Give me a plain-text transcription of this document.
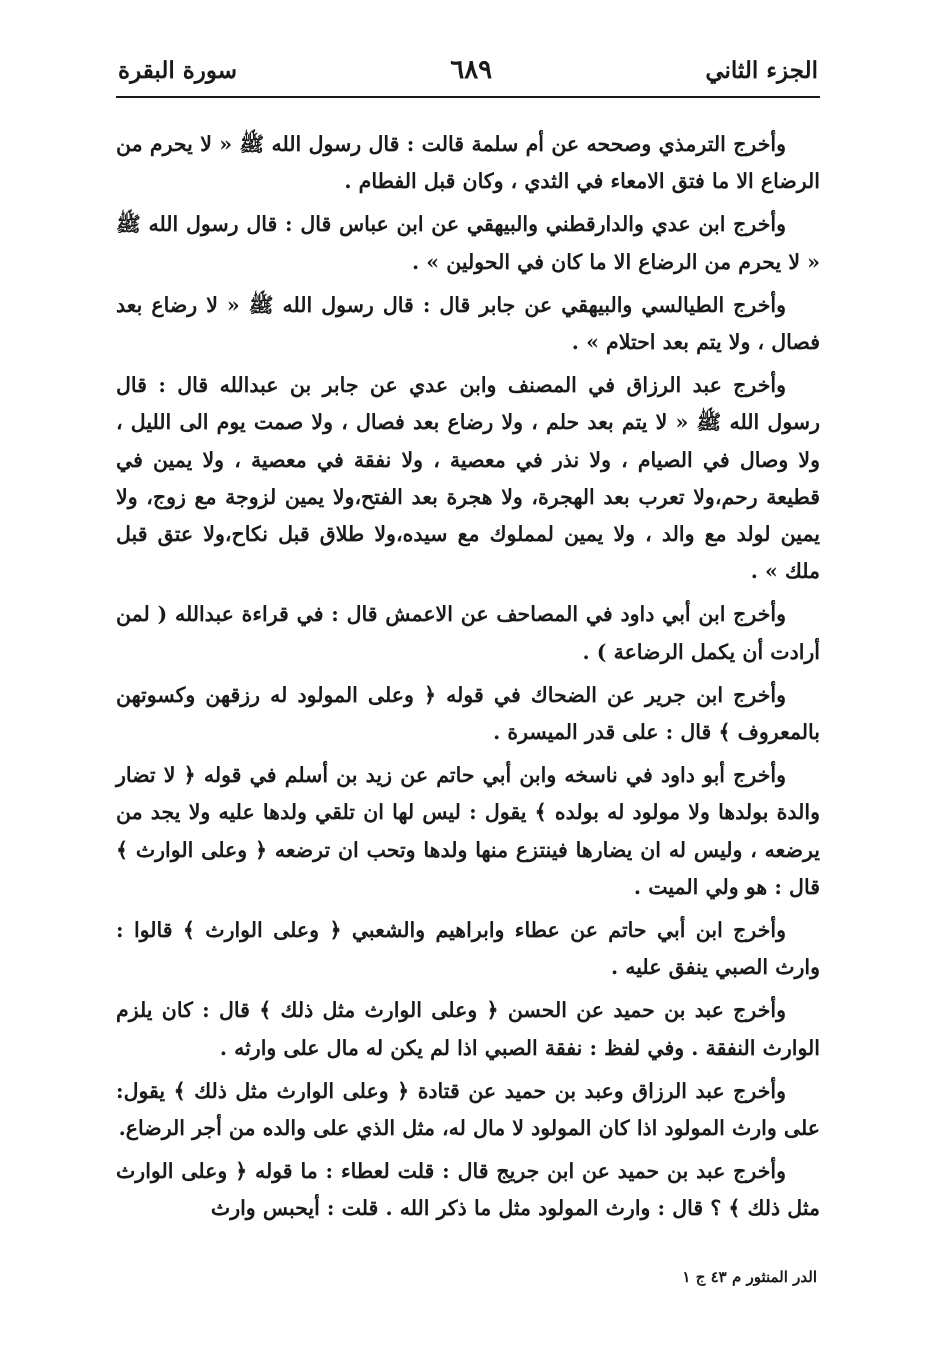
الجزء الثاني
٦٨٩
سورة البقرة

وأخرج الترمذي وصححه عن أم سلمة قالت : قال رسول الله ﷺ « لا يحرم من الرضاع الا ما فتق الامعاء في الثدي ، وكان قبل الفطام .

وأخرج ابن عدي والدارقطني والبيهقي عن ابن عباس قال : قال رسول الله ﷺ « لا يحرم من الرضاع الا ما كان في الحولين » .

وأخرج الطيالسي والبيهقي عن جابر قال : قال رسول الله ﷺ « لا رضاع بعد فصال ، ولا يتم بعد احتلام » .

وأخرج عبد الرزاق في المصنف وابن عدي عن جابر بن عبدالله قال : قال رسول الله ﷺ « لا يتم بعد حلم ، ولا رضاع بعد فصال ، ولا صمت يوم الى الليل ، ولا وصال في الصيام ، ولا نذر في معصية ، ولا نفقة في معصية ، ولا يمين في قطيعة رحم،ولا تعرب بعد الهجرة، ولا هجرة بعد الفتح،ولا يمين لزوجة مع زوج، ولا يمين لولد مع والد ، ولا يمين لمملوك مع سيده،ولا طلاق قبل نكاح،ولا عتق قبل ملك » .

وأخرج ابن أبي داود في المصاحف عن الاعمش قال : في قراءة عبدالله ( لمن أرادت أن يكمل الرضاعة ) .

وأخرج ابن جرير عن الضحاك في قوله ﴿ وعلى المولود له رزقهن وكسوتهن بالمعروف ﴾ قال : على قدر الميسرة .

وأخرج أبو داود في ناسخه وابن أبي حاتم عن زيد بن أسلم في قوله ﴿ لا تضار والدة بولدها ولا مولود له بولده ﴾ يقول : ليس لها ان تلقي ولدها عليه ولا يجد من يرضعه ، وليس له ان يضارها فينتزع منها ولدها وتحب ان ترضعه ﴿ وعلى الوارث ﴾ قال : هو ولي الميت .

وأخرج ابن أبي حاتم عن عطاء وابراهيم والشعبي ﴿ وعلى الوارث ﴾ قالوا : وارث الصبي ينفق عليه .

وأخرج عبد بن حميد عن الحسن ﴿ وعلى الوارث مثل ذلك ﴾ قال : كان يلزم الوارث النفقة . وفي لفظ : نفقة الصبي اذا لم يكن له مال على وارثه .

وأخرج عبد الرزاق وعبد بن حميد عن قتادة ﴿ وعلى الوارث مثل ذلك ﴾ يقول: على وارث المولود اذا كان المولود لا مال له، مثل الذي على والده من أجر الرضاع.

وأخرج عبد بن حميد عن ابن جريج قال : قلت لعطاء : ما قوله ﴿ وعلى الوارث مثل ذلك ﴾ ؟ قال : وارث المولود مثل ما ذكر الله . قلت : أيحبس وارث

الدر المنثور م ٤٣ ج ١
